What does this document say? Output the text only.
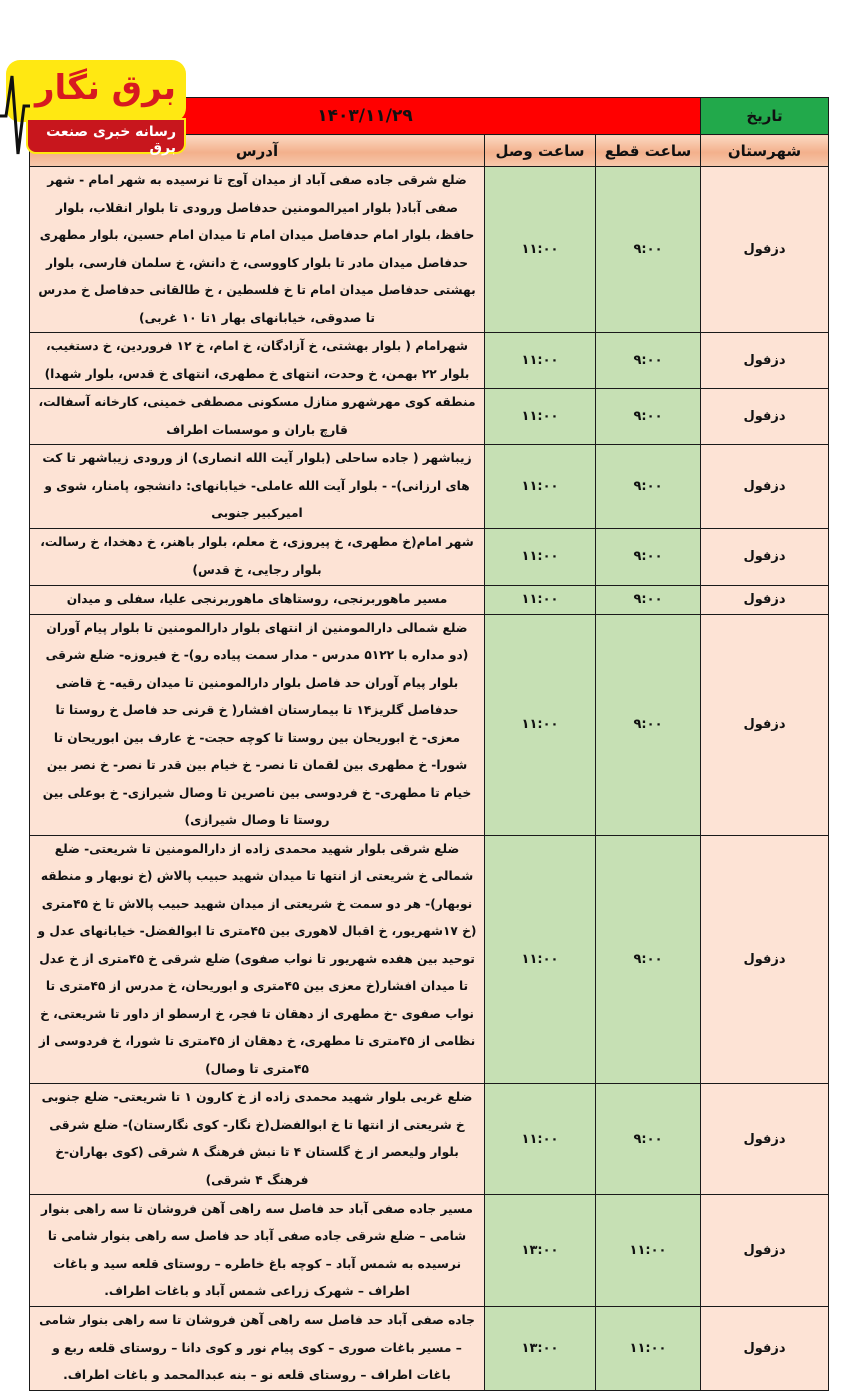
برق نگار
رسانه خبری صنعت برق
تاریخ	۱۴۰۳/۱۱/۲۹		
شهرستان	ساعت قطع	ساعت وصل	آدرس
دزفول	۹:۰۰	۱۱:۰۰	ضلع شرقی جاده صفی آباد از میدان آوج تا نرسیده به شهر امام - شهر صفی آباد( بلوار امیرالمومنین حدفاصل ورودی تا بلوار انقلاب، بلوار حافظ، بلوار امام حدفاصل میدان امام تا میدان امام حسین، بلوار مطهری حدفاصل میدان مادر تا بلوار کاووسی، خ دانش، خ سلمان فارسی، بلوار بهشتی حدفاصل میدان امام تا خ فلسطین ، خ طالقانی حدفاصل خ مدرس تا صدوقی، خیابانهای بهار ۱تا ۱۰ غربی)
دزفول	۹:۰۰	۱۱:۰۰	شهرامام ( بلوار بهشتی، خ آزادگان، خ امام، خ ۱۲ فروردین، خ دستغیب، بلوار ۲۲ بهمن، خ وحدت، انتهای خ مطهری، انتهای خ قدس، بلوار شهدا)
دزفول	۹:۰۰	۱۱:۰۰	منطقه کوی مهرشهرو منازل مسکونی مصطفی خمینی، کارخانه آسفالت، قارچ باران و موسسات اطراف
دزفول	۹:۰۰	۱۱:۰۰	زیباشهر ( جاده ساحلی (بلوار آیت الله انصاری) از ورودی زیباشهر تا کت های ارزانی)- - بلوار آیت الله عاملی- خیابانهای: دانشجو، پامنار، شوی و امیرکبیر جنوبی
دزفول	۹:۰۰	۱۱:۰۰	شهر امام(خ مطهری، خ پیروزی، خ معلم، بلوار باهنر، خ دهخدا، خ رسالت، بلوار رجایی، خ قدس)
دزفول	۹:۰۰	۱۱:۰۰	مسیر ماهوربرنجی، روستاهای ماهوربرنجی علیا، سفلی و میدان
دزفول	۹:۰۰	۱۱:۰۰	ضلع شمالی دارالمومنین از انتهای بلوار دارالمومنین تا بلوار پیام آوران (دو مداره با ۵۱۲۲ مدرس - مدار سمت پیاده رو)- خ فیروزه- ضلع شرقی بلوار پیام آوران حد فاصل بلوار دارالمومنین تا میدان رقیه- خ قاضی حدفاصل گلریز۱۴ تا بیمارستان افشار( خ قرنی حد فاصل خ روستا تا معزی- خ ابوریحان بین روستا تا کوچه حجت- خ عارف بین ابوریحان تا شورا- خ مطهری بین لقمان تا نصر- خ خیام بین قدر تا نصر- خ نصر بین خیام تا مطهری- خ فردوسی بین ناصرین تا وصال شیرازی- خ بوعلی بین روستا تا وصال شیرازی)
دزفول	۹:۰۰	۱۱:۰۰	ضلع شرقی بلوار شهید محمدی زاده از دارالمومنین تا شریعتی- ضلع شمالی خ شریعتی از انتها تا میدان شهید حبیب پالاش (خ نوبهار و منطقه نوبهار)- هر دو سمت خ شریعتی از میدان شهید حبیب پالاش تا خ ۴۵متری (خ ۱۷شهریور، خ اقبال لاهوری بین ۴۵متری تا ابوالفضل- خیابانهای عدل و توحید بین هفده شهریور تا نواب صفوی) ضلع شرقی خ ۴۵متری از خ عدل تا میدان افشار(خ معزی بین ۴۵متری و ابوریحان، خ مدرس از ۴۵متری تا نواب صفوی -خ مطهری از دهقان تا فجر، خ ارسطو از داور تا شریعتی، خ نظامی از ۴۵متری تا مطهری، خ دهقان از ۴۵متری تا شورا، خ فردوسی از ۴۵متری تا وصال)
دزفول	۹:۰۰	۱۱:۰۰	ضلع غربی بلوار شهید محمدی زاده از خ کارون ۱ تا شریعتی- ضلع جنوبی خ شریعتی از انتها تا خ ابوالفضل(خ نگار- کوی نگارستان)- ضلع شرقی بلوار ولیعصر از خ گلستان ۴ تا نبش فرهنگ ۸ شرقی (کوی بهاران-خ فرهنگ ۴ شرقی)
دزفول	۱۱:۰۰	۱۳:۰۰	مسیر جاده صفی آباد حد فاصل سه راهی آهن فروشان تا سه راهی بنوار شامی – ضلع شرقی جاده صفی آباد حد فاصل سه راهی بنوار شامی تا نرسیده به شمس آباد – کوچه باغ خاطره – روستای قلعه سید و باغات اطراف – شهرک زراعی شمس آباد و باغات اطراف.
دزفول	۱۱:۰۰	۱۳:۰۰	جاده صفی آباد حد فاصل سه راهی آهن فروشان تا سه راهی بنوار شامی – مسیر باغات صوری – کوی پیام نور و کوی دانا – روستای قلعه ربع و باغات اطراف – روستای قلعه نو – بنه عبدالمحمد و باغات اطراف.
